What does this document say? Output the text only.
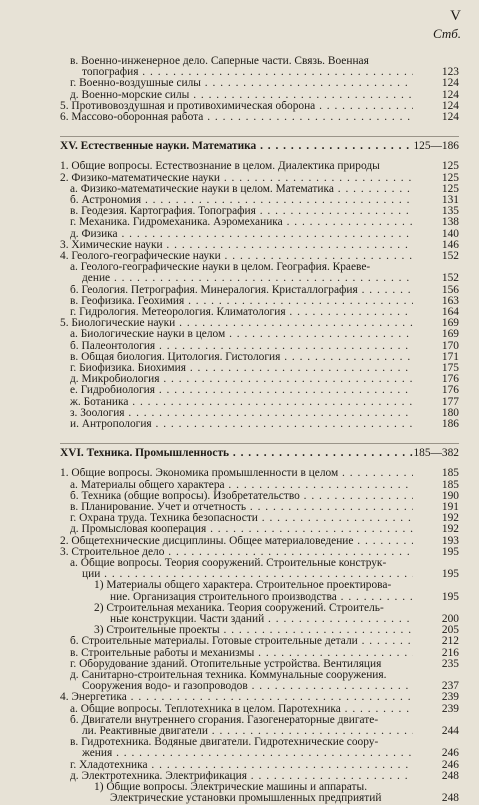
V
Стб.
в. Военно-инженерное дело. Саперные части. Связь. Военная
топография . . .	123
г. Военно-воздушные силы . . .	124
д. Военно-морские силы . . .	124
5. Противовоздушная и противохимическая оборона . . .	124
6. Массово-оборонная работа . . .	124
XV. Естественные науки. Математика . . .	125—186
1. Общие вопросы. Естествознание в целом. Диалектика природы	125
2. Физико-математические науки . . .	125
а. Физико-математические науки в целом. Математика . . .	125
б. Астрономия . . .	131
в. Геодезия. Картография. Топография . . .	135
г. Механика. Гидромеханика. Аэромеханика . . .	138
д. Физика . . .	140
3. Химические науки . . .	146
4. Геолого-географические науки . . .	152
а. Геолого-географические науки в целом. География. Краеве-
дение . . .	152
б. Геология. Петрография. Минералогия. Кристаллография . . .	156
в. Геофизика. Геохимия . . .	163
г. Гидрология. Метеорология. Климатология . . .	164
5. Биологические науки . . .	169
а. Биологические науки в целом . . .	169
б. Палеонтология . . .	170
в. Общая биология. Цитология. Гистология . . .	171
г. Биофизика. Биохимия . . .	175
д. Микробиология . . .	176
е. Гидробиология . . .	176
ж. Ботаника . . .	177
з. Зоология . . .	180
и. Антропология . . .	186
XVI. Техника. Промышленность . . .	185—382
1. Общие вопросы. Экономика промышленности в целом . . .	185
а. Материалы общего характера . . .	185
б. Техника (общие вопросы). Изобретательство . . .	190
в. Планирование. Учет и отчетность . . .	191
г. Охрана труда. Техника безопасности . . .	192
д. Промысловая кооперация . . .	192
2. Общетехнические дисциплины. Общее материаловедение . . .	193
3. Строительное дело . . .	195
а. Общие вопросы. Теория сооружений. Строительные конструк-
ции . . .	195
1) Материалы общего характера. Строительное проектирова-
ние. Организация строительного производства . . .	195
2) Строительная механика. Теория сооружений. Строитель-
ные конструкции. Части зданий . . .	200
3) Строительные проекты . . .	205
б. Строительные материалы. Готовые строительные детали . . .	212
в. Строительные работы и механизмы . . .	216
г. Оборудование зданий. Отопительные устройства. Вентиляция	235
д. Санитарно-строительная техника. Коммунальные сооружения.
Сооружения водо- и газопроводов . . .	237
4. Энергетика . . .	239
а. Общие вопросы. Теплотехника в целом. Паротехника . . .	239
б. Двигатели внутреннего сгорания. Газогенераторные двигате-
ли. Реактивные двигатели . . .	244
в. Гидротехника. Водяные двигатели. Гидротехнические соору-
жения . . .	246
г. Хладотехника . . .	246
д. Электротехника. Электрификация . . .	248
1) Общие вопросы. Электрические машины и аппараты.
Электрические установки промышленных предприятий	248
